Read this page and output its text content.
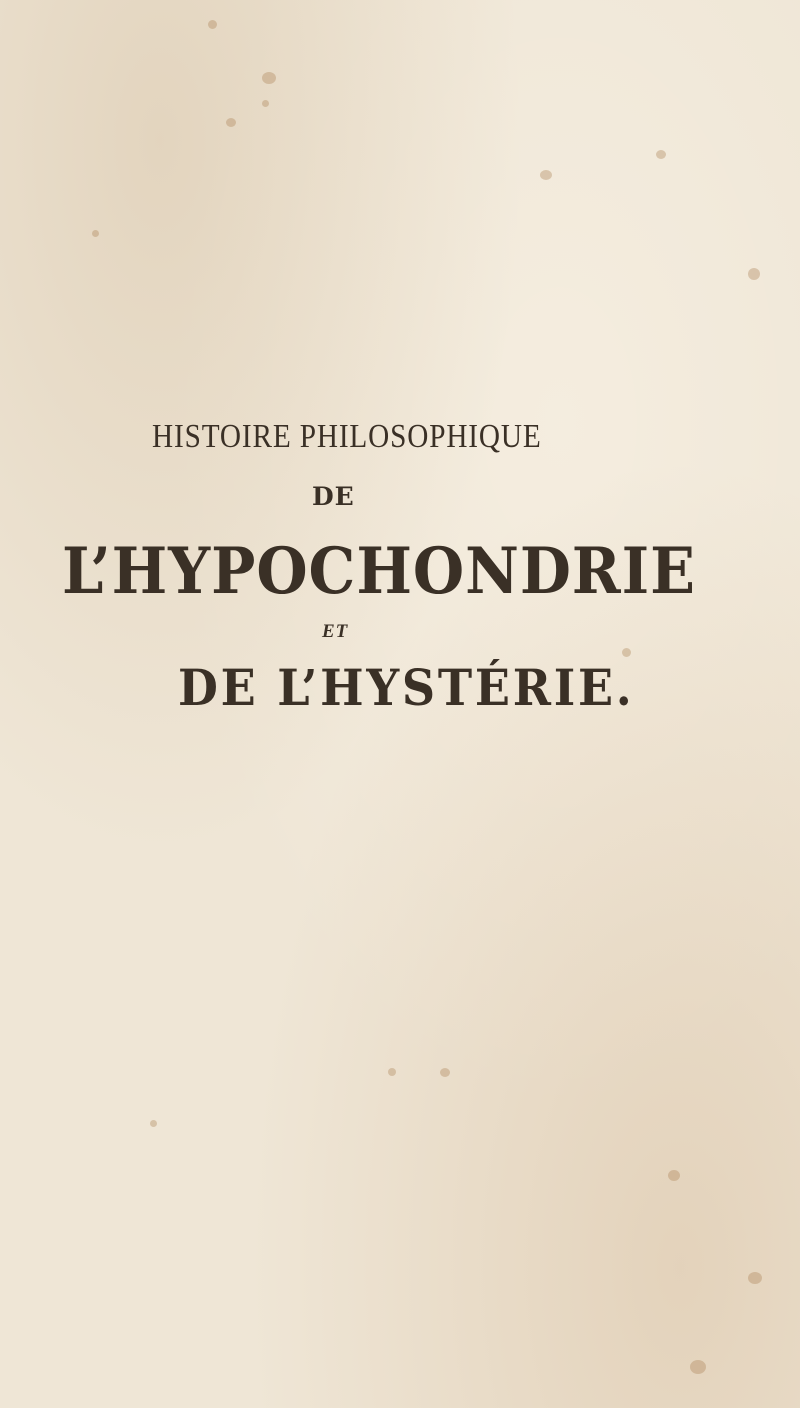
HISTOIRE PHILOSOPHIQUE
DE
L’HYPOCHONDRIE
ET
DE L’HYSTÉRIE.
